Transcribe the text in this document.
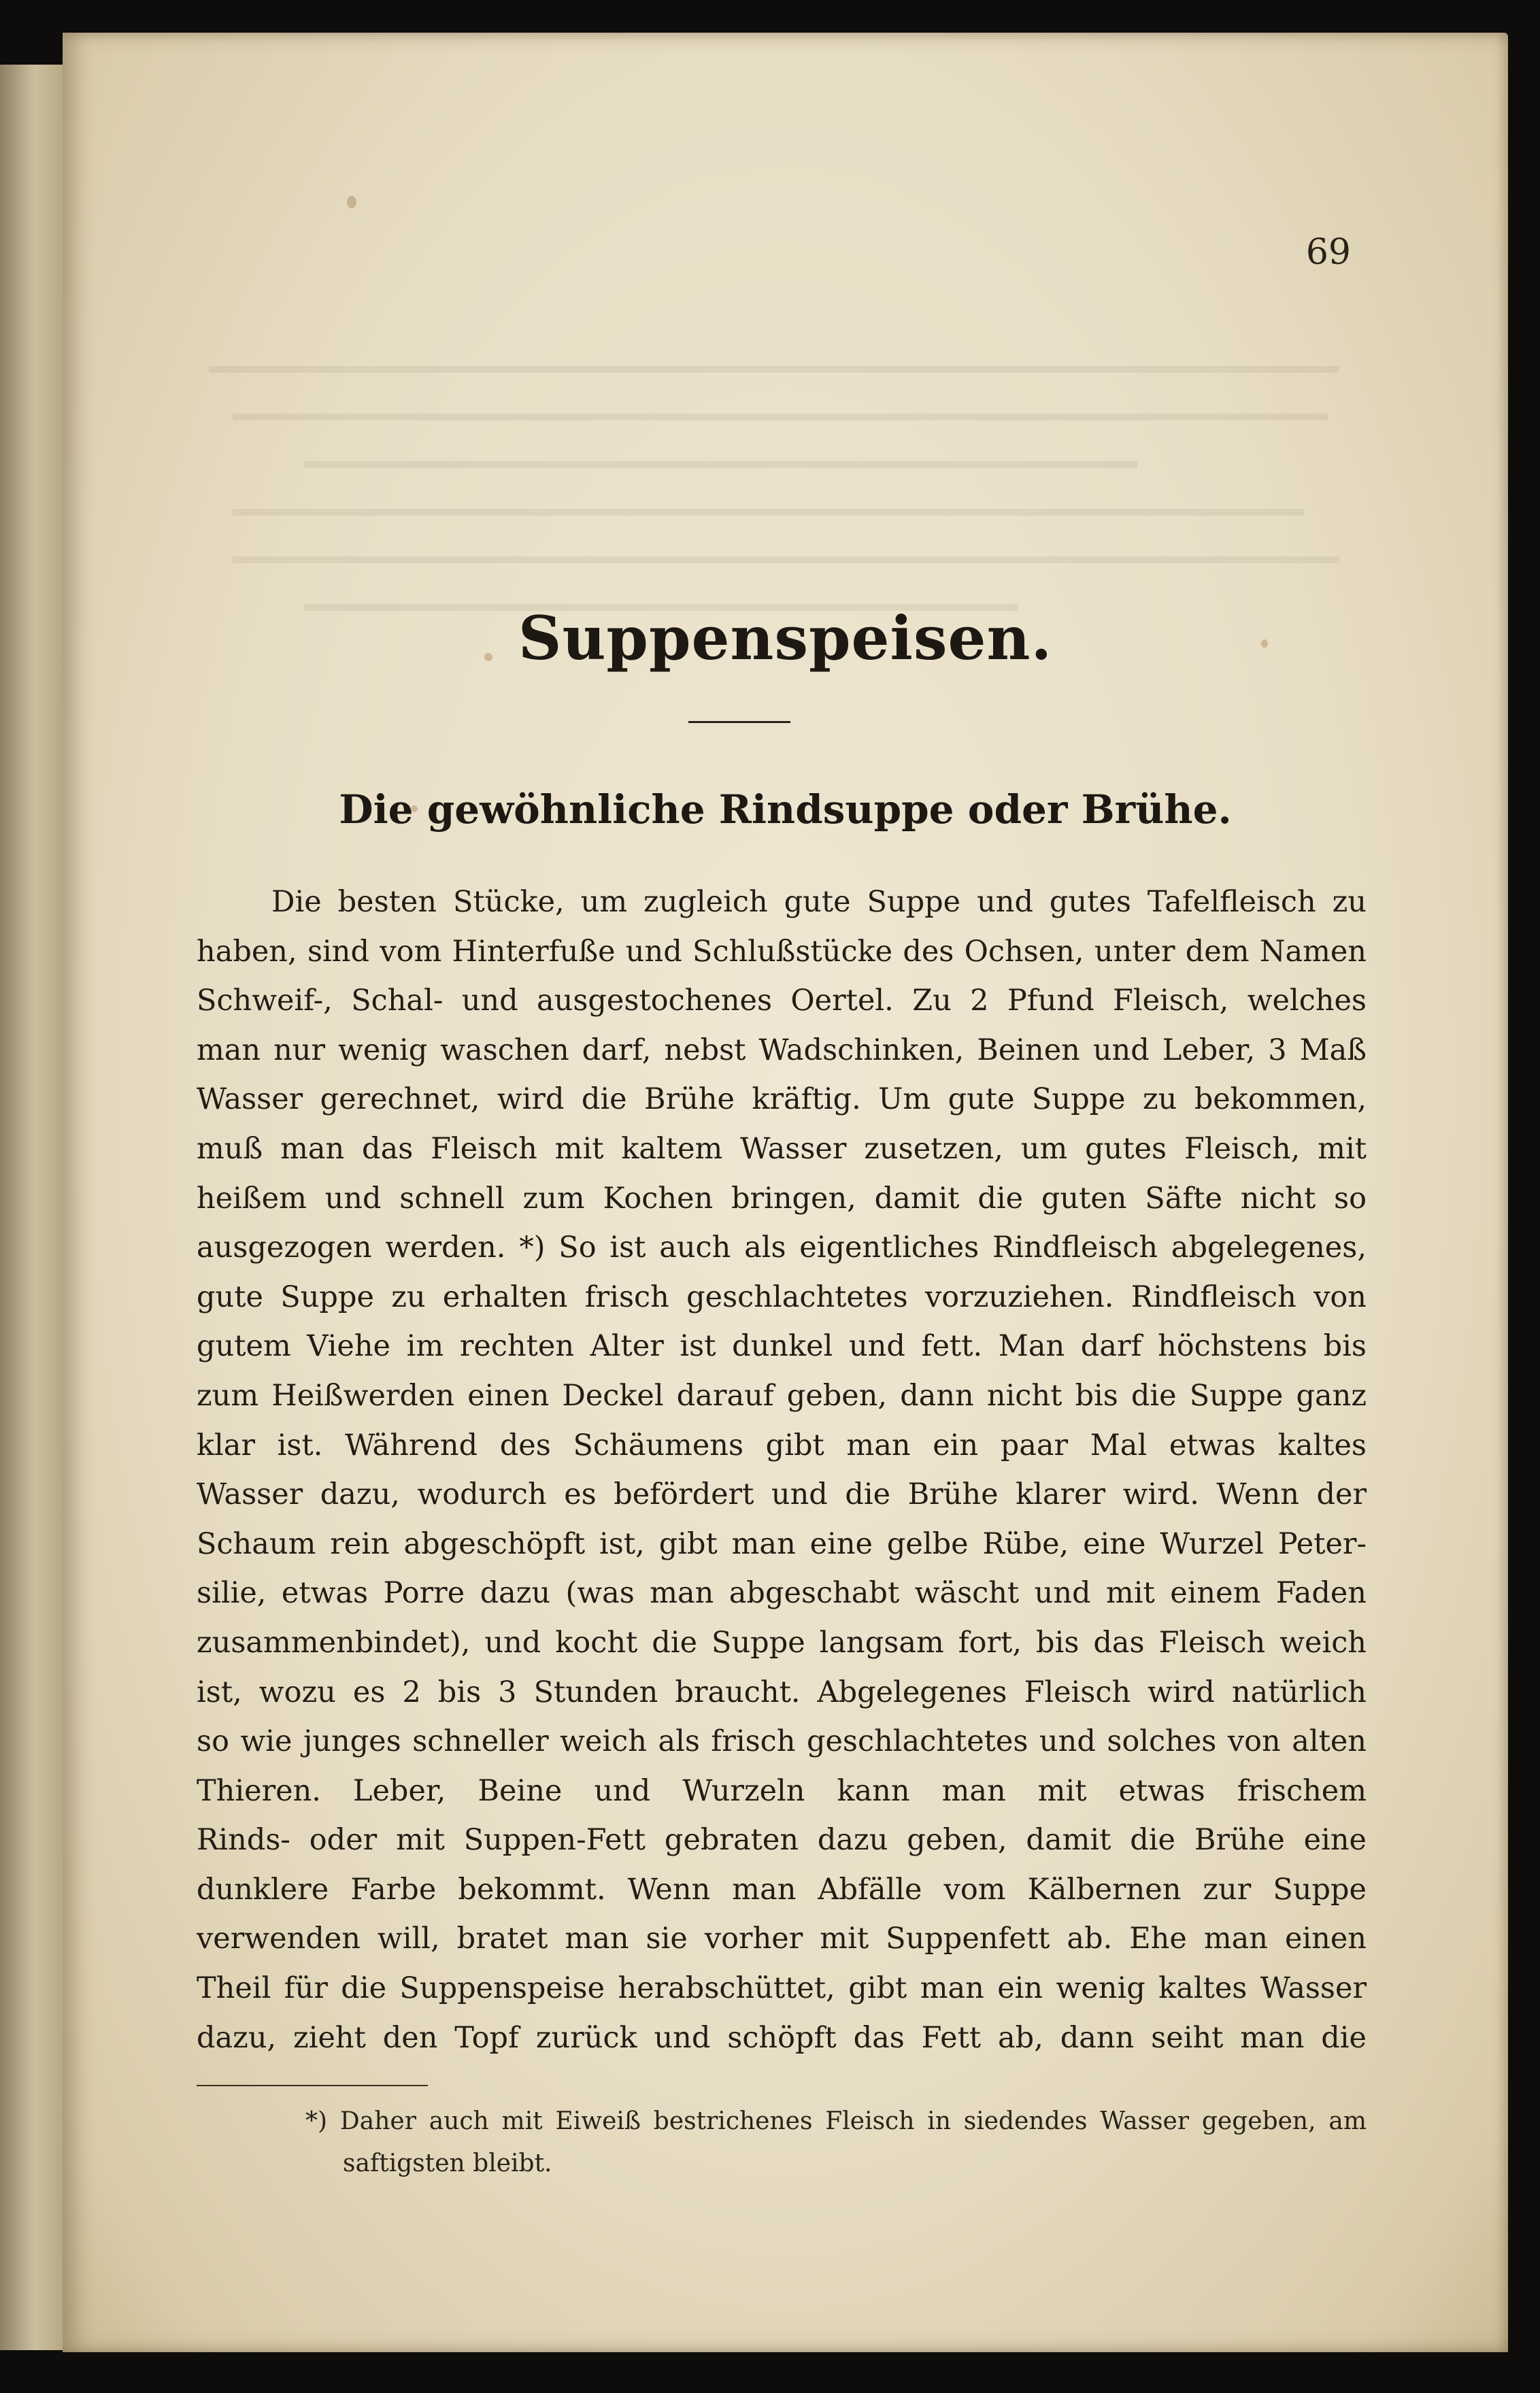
69

Suppenspeisen.
Die gewöhnliche Rindsuppe oder Brühe.
Die besten Stücke, um zugleich gute Suppe und gutes Tafelfleisch zu
haben, sind vom Hinterfuße und Schlußstücke des Ochsen, unter dem Namen
Schweif-, Schal- und ausgestochenes Oertel. Zu 2 Pfund Fleisch, welches
man nur wenig waschen darf, nebst Wadschinken, Beinen und Leber, 3 Maß
Wasser gerechnet, wird die Brühe kräftig. Um gute Suppe zu bekommen,
muß man das Fleisch mit kaltem Wasser zusetzen, um gutes Fleisch, mit
heißem und schnell zum Kochen bringen, damit die guten Säfte nicht so
ausgezogen werden. *) So ist auch als eigentliches Rindfleisch abgelegenes,
gute Suppe zu erhalten frisch geschlachtetes vorzuziehen. Rindfleisch von
gutem Viehe im rechten Alter ist dunkel und fett. Man darf höchstens bis
zum Heißwerden einen Deckel darauf geben, dann nicht bis die Suppe ganz
klar ist. Während des Schäumens gibt man ein paar Mal etwas kaltes
Wasser dazu, wodurch es befördert und die Brühe klarer wird. Wenn der
Schaum rein abgeschöpft ist, gibt man eine gelbe Rübe, eine Wurzel Peter-
silie, etwas Porre dazu (was man abgeschabt wäscht und mit einem Faden
zusammenbindet), und kocht die Suppe langsam fort, bis das Fleisch weich
ist, wozu es 2 bis 3 Stunden braucht. Abgelegenes Fleisch wird natürlich
so wie junges schneller weich als frisch geschlachtetes und solches von alten
Thieren. Leber, Beine und Wurzeln kann man mit etwas frischem
Rinds- oder mit Suppen-Fett gebraten dazu geben, damit die Brühe eine
dunklere Farbe bekommt. Wenn man Abfälle vom Kälbernen zur Suppe
verwenden will, bratet man sie vorher mit Suppenfett ab. Ehe man einen
Theil für die Suppenspeise herabschüttet, gibt man ein wenig kaltes Wasser
dazu, zieht den Topf zurück und schöpft das Fett ab, dann seiht man die
*) Daher auch mit Eiweiß bestrichenes Fleisch in siedendes Wasser gegeben, am
saftigsten bleibt.
